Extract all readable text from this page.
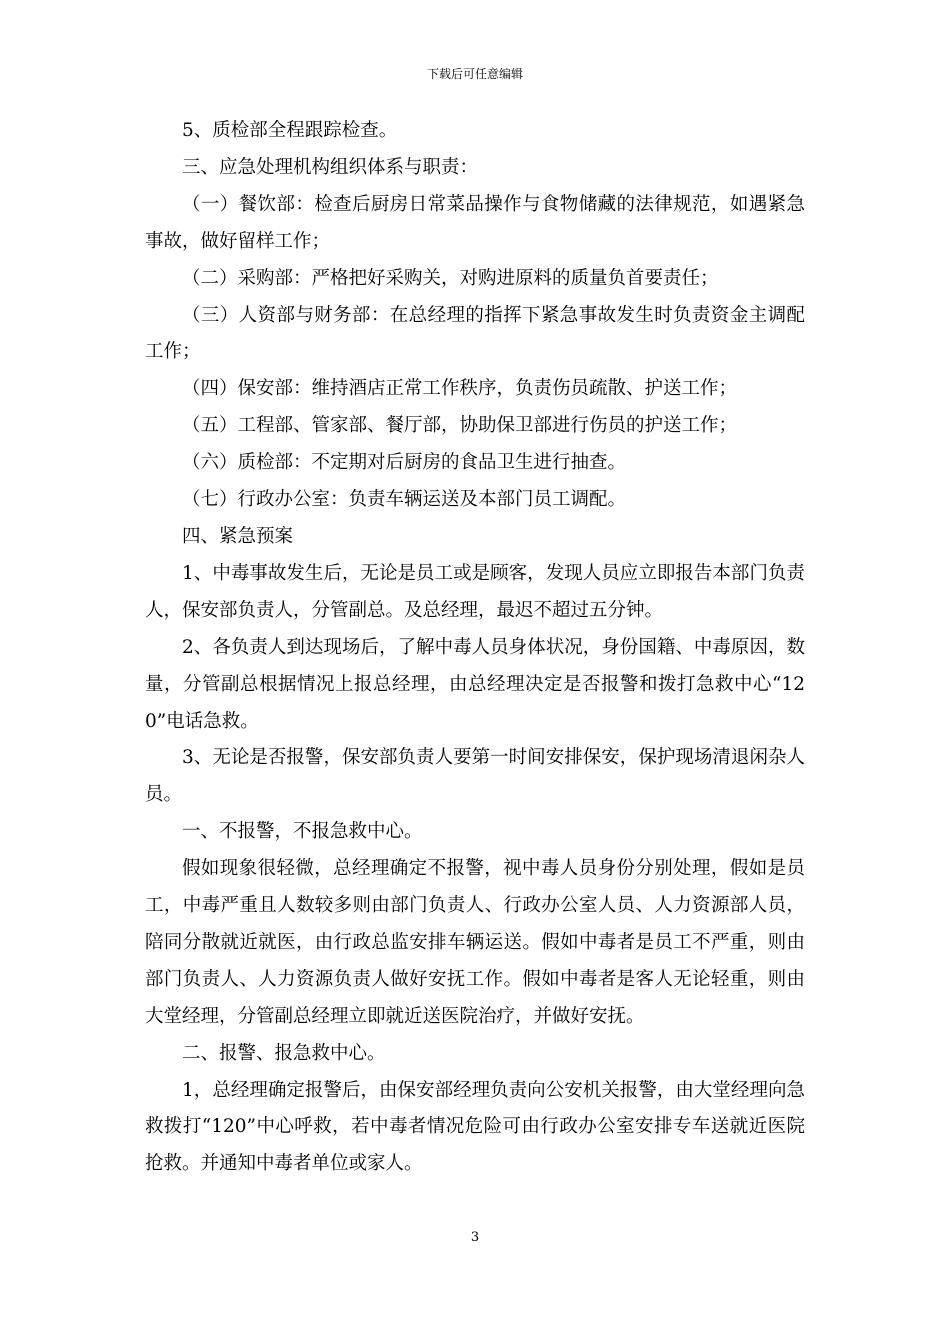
下载后可任意编辑

5、质检部全程跟踪检查。

三、应急处理机构组织体系与职责：

（一）餐饮部：检查后厨房日常菜品操作与食物储藏的法律规范，如遇紧急事故，做好留样工作；

（二）采购部：严格把好采购关，对购进原料的质量负首要责任；

（三）人资部与财务部：在总经理的指挥下紧急事故发生时负责资金主调配工作；

（四）保安部：维持酒店正常工作秩序，负责伤员疏散、护送工作；

（五）工程部、管家部、餐厅部，协助保卫部进行伤员的护送工作；

（六）质检部：不定期对后厨房的食品卫生进行抽查。

（七）行政办公室：负责车辆运送及本部门员工调配。

四、紧急预案

1、中毒事故发生后，无论是员工或是顾客，发现人员应立即报告本部门负责人，保安部负责人，分管副总。及总经理，最迟不超过五分钟。

2、各负责人到达现场后，了解中毒人员身体状况，身份国籍、中毒原因，数量，分管副总根据情况上报总经理，由总经理决定是否报警和拨打急救中心“120”电话急救。

3、无论是否报警，保安部负责人要第一时间安排保安，保护现场清退闲杂人员。

一、不报警，不报急救中心。

假如现象很轻微，总经理确定不报警，视中毒人员身份分别处理，假如是员工，中毒严重且人数较多则由部门负责人、行政办公室人员、人力资源部人员，陪同分散就近就医，由行政总监安排车辆运送。假如中毒者是员工不严重，则由部门负责人、人力资源负责人做好安抚工作。假如中毒者是客人无论轻重，则由大堂经理，分管副总经理立即就近送医院治疗，并做好安抚。

二、报警、报急救中心。

1，总经理确定报警后，由保安部经理负责向公安机关报警，由大堂经理向急救拨打“120”中心呼救，若中毒者情况危险可由行政办公室安排专车送就近医院抢救。并通知中毒者单位或家人。

3
